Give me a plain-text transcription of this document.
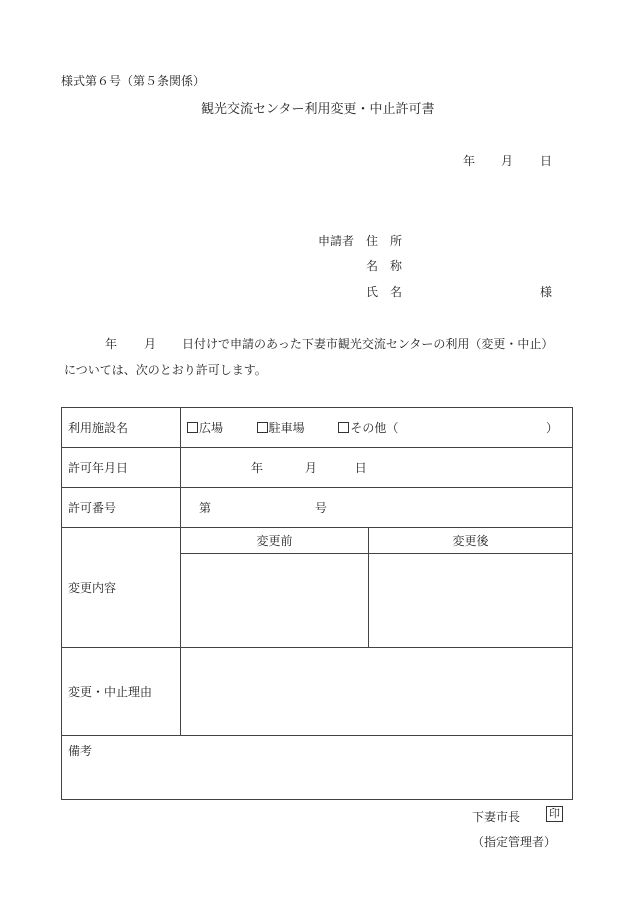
様式第６号（第５条関係）
観光交流センター利用変更・中止許可書
年 月 日
申請者 住　所
名　称
氏　名	様
年 月 日付けで申請のあった下妻市観光交流センターの利用（変更・中止）
については、次のとおり許可します。
利用施設名	広場 駐車場 その他（ ）	
許可年月日	年 月 日	
許可番号	第 号	
変更内容	変更前	変更後

変更・中止理由		
備考		
下妻市長	印
（指定管理者）
